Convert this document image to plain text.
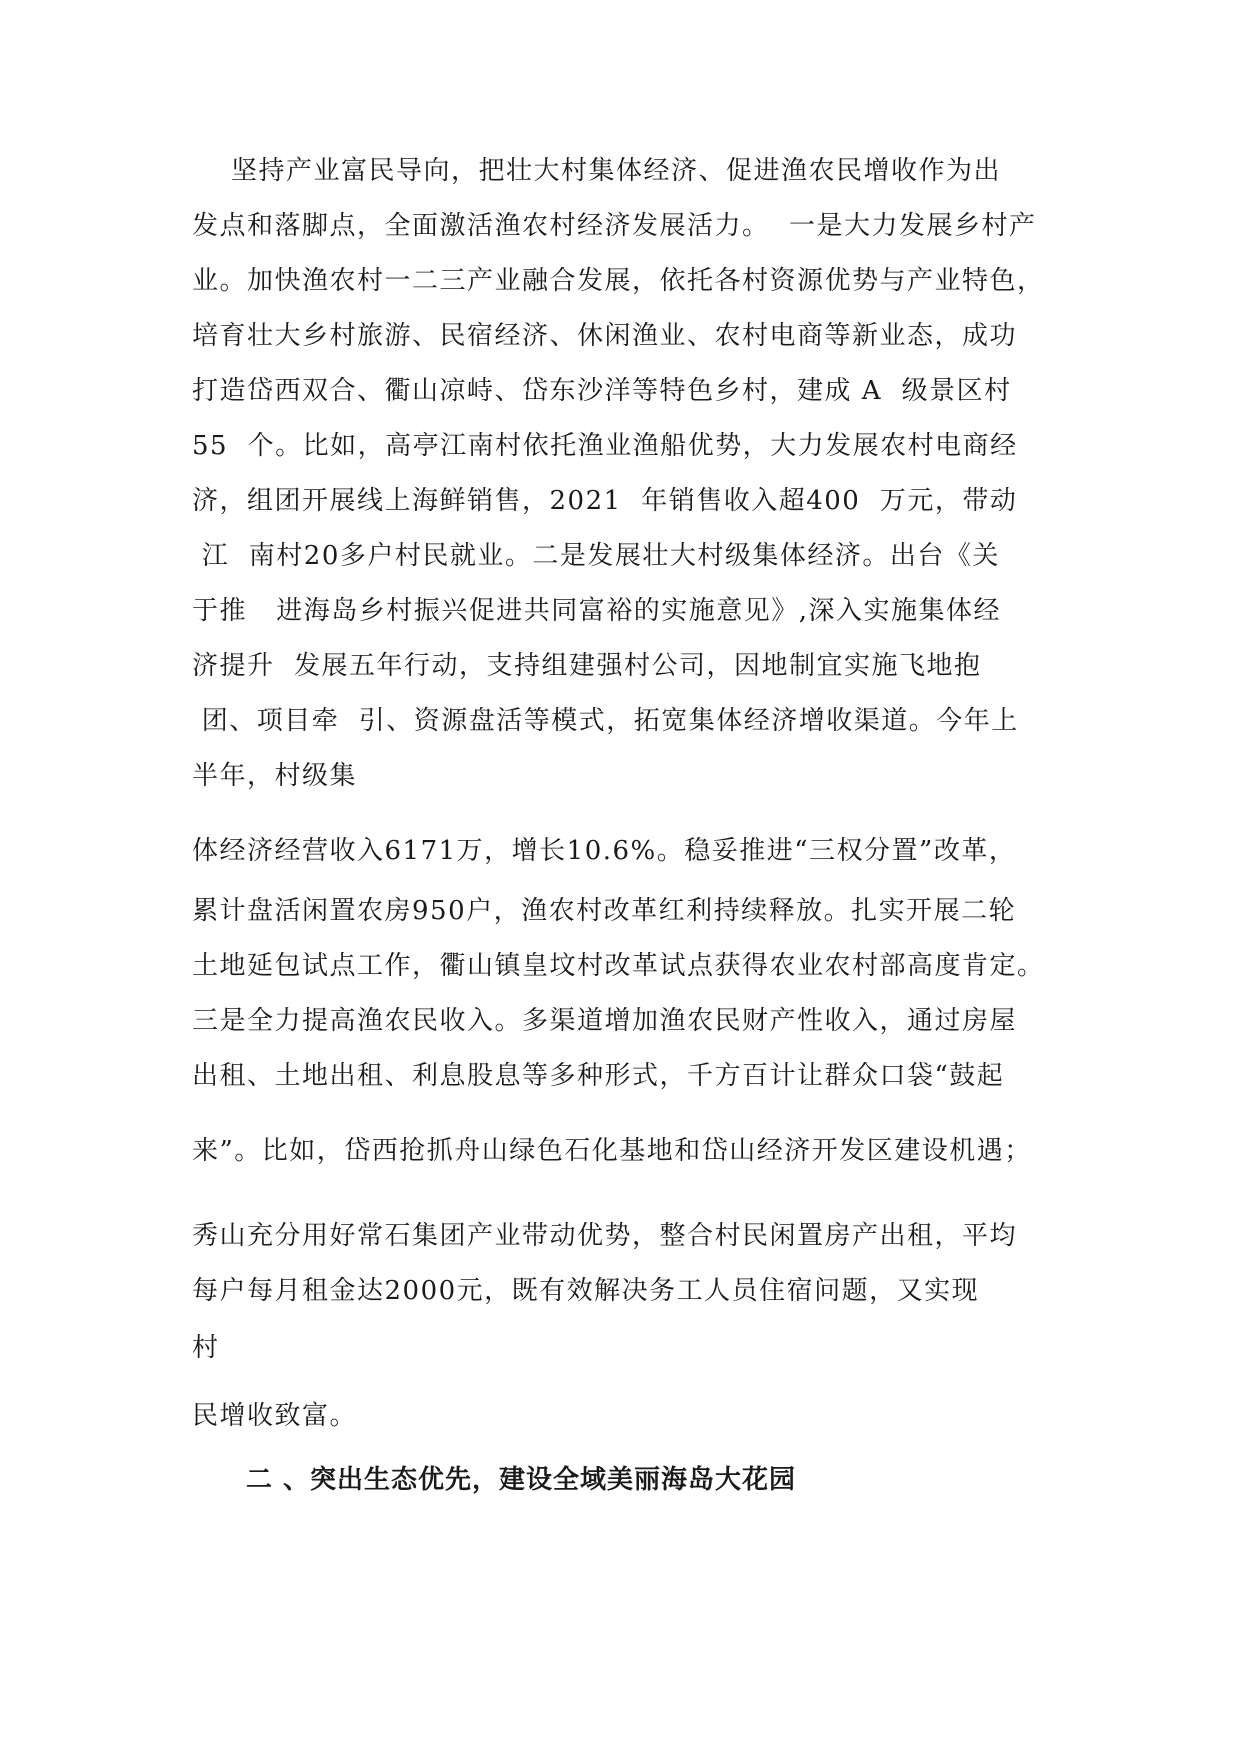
坚持产业富民导向，把壮大村集体经济、促进渔农民增收作为出
发点和落脚点，全面激活渔农村经济发展活力。  一是大力发展乡村产
业。加快渔农村一二三产业融合发展，依托各村资源优势与产业特色，
培育壮大乡村旅游、民宿经济、休闲渔业、农村电商等新业态，成功
打造岱西双合、衢山凉峙、岱东沙洋等特色乡村，建成 A  级景区村
55  个。比如，高亭江南村依托渔业渔船优势，大力发展农村电商经
济，组团开展线上海鲜销售，2021  年销售收入超400  万元，带动
江  南村20多户村民就业。二是发展壮大村级集体经济。出台《关
于推   进海岛乡村振兴促进共同富裕的实施意见》,深入实施集体经
济提升  发展五年行动，支持组建强村公司，因地制宜实施飞地抱
团、项目牵  引、资源盘活等模式，拓宽集体经济增收渠道。今年上
半年，村级集
体经济经营收入6171万，增长10.6%。稳妥推进“三权分置”改革，
累计盘活闲置农房950户，渔农村改革红利持续释放。扎实开展二轮
土地延包试点工作，衢山镇皇坟村改革试点获得农业农村部高度肯定。
三是全力提高渔农民收入。多渠道增加渔农民财产性收入，通过房屋
出租、土地出租、利息股息等多种形式，千方百计让群众口袋“鼓起
来”。比如，岱西抢抓舟山绿色石化基地和岱山经济开发区建设机遇；
秀山充分用好常石集团产业带动优势，整合村民闲置房产出租，平均
每户每月租金达2000元，既有效解决务工人员住宿问题，又实现
村
民增收致富。
二 、突出生态优先，建设全域美丽海岛大花园
